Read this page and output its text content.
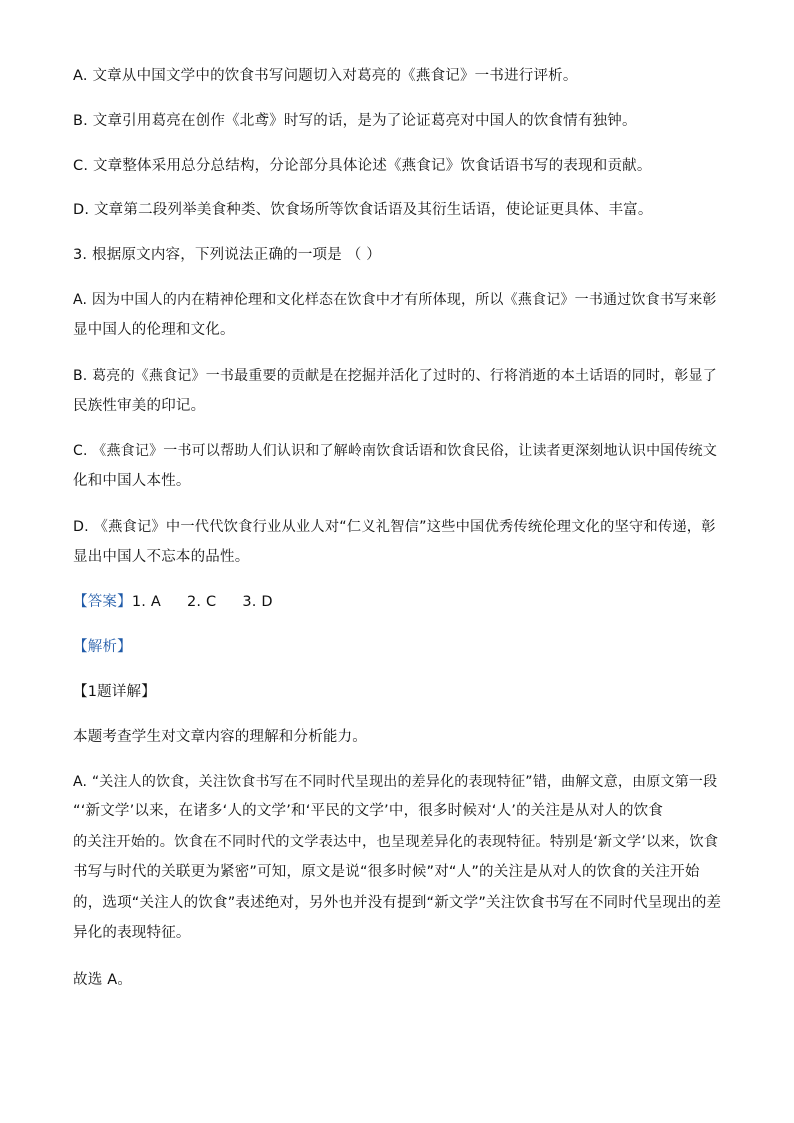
A. 文章从中国文学中的饮食书写问题切入对葛亮的《燕食记》一书进行评析。
B. 文章引用葛亮在创作《北鸢》时写的话，是为了论证葛亮对中国人的饮食情有独钟。
C. 文章整体采用总分总结构，分论部分具体论述《燕食记》饮食话语书写的表现和贡献。
D. 文章第二段列举美食种类、饮食场所等饮食话语及其衍生话语，使论证更具体、丰富。
3. 根据原文内容，下列说法正确的一项是 （ ）
A. 因为中国人的内在精神伦理和文化样态在饮食中才有所体现，所以《燕食记》一书通过饮食书写来彰
显中国人的伦理和文化。
B. 葛亮的《燕食记》一书最重要的贡献是在挖掘并活化了过时的、行将消逝的本土话语的同时，彰显了
民族性审美的印记。
C. 《燕食记》一书可以帮助人们认识和了解岭南饮食话语和饮食民俗，让读者更深刻地认识中国传统文
化和中国人本性。
D. 《燕食记》中一代代饮食行业从业人对“仁义礼智信”这些中国优秀传统伦理文化的坚守和传递，彰
显出中国人不忘本的品性。
【答案】1. A 2. C 3. D
【解析】
【1题详解】
本题考查学生对文章内容的理解和分析能力。
A. “关注人的饮食，关注饮食书写在不同时代呈现出的差异化的表现特征”错，曲解文意，由原文第一段
“‘新文学’以来，在诸多‘人的文学’和‘平民的文学’中，很多时候对‘人’的关注是从对人的饮食
的关注开始的。饮食在不同时代的文学表达中，也呈现差异化的表现特征。特别是‘新文学’以来，饮食
书写与时代的关联更为紧密”可知，原文是说“很多时候”对“人”的关注是从对人的饮食的关注开始
的，选项“关注人的饮食”表述绝对，另外也并没有提到“新文学”关注饮食书写在不同时代呈现出的差
异化的表现特征。
故选 A。
